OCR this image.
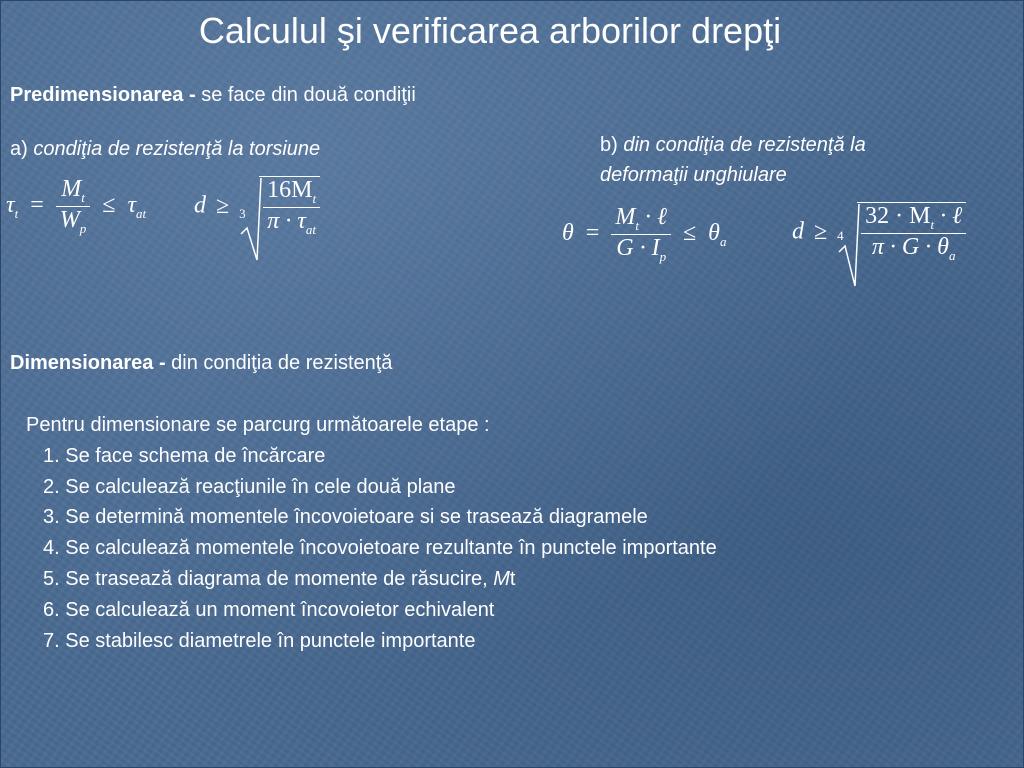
Calculul şi verificarea arborilor drepţi
Predimensionarea - se face din două condiţii
a) condiţia de rezistenţă la torsiune	b) din condiţia de rezistenţă la
deformaţii unghiulare
$\tau_t = \frac{M_t}{W_p} \le \tau_{at}$ $d \ge 3 \frac{16M_t}{\pi \cdot \tau_{at}}$	$\theta = \frac{M_t \cdot \ell}{G \cdot I_p} \le \theta_a$	$d \ge 4 \frac{32 \cdot M_t \cdot \ell}{\pi \cdot G \cdot \theta_a}$
Dimensionarea - din condiţia de rezistenţă
Pentru dimensionare se parcurg următoarele etape :
1. Se face schema de încărcare
2. Se calculează reacţiunile în cele două plane
3. Se determină momentele încovoietoare si se trasează diagramele
4. Se calculează momentele încovoietoare rezultante în punctele importante
5. Se trasează diagrama de momente de răsucire, Mt
6. Se calculează un moment încovoietor echivalent
7. Se stabilesc diametrele în punctele importante
